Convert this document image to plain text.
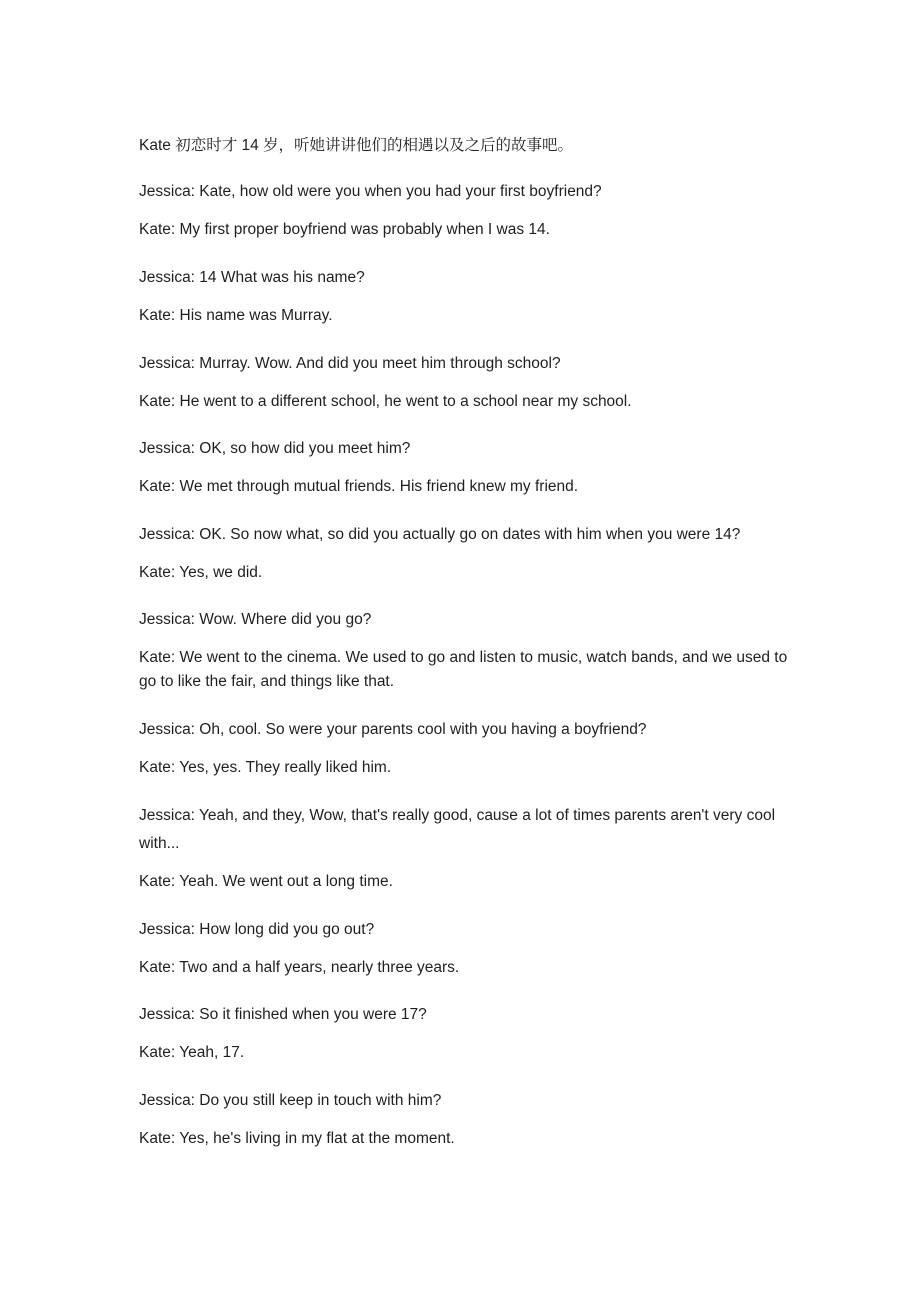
Kate 初恋时才 14 岁，听她讲讲他们的相遇以及之后的故事吧。
Jessica: Kate, how old were you when you had your first boyfriend?
Kate: My first proper boyfriend was probably when I was 14.
Jessica: 14 What was his name?
Kate: His name was Murray.
Jessica: Murray. Wow. And did you meet him through school?
Kate: He went to a different school, he went to a school near my school.
Jessica: OK, so how did you meet him?
Kate: We met through mutual friends. His friend knew my friend.
Jessica: OK. So now what, so did you actually go on dates with him when you were 14?
Kate: Yes, we did.
Jessica: Wow. Where did you go?
Kate: We went to the cinema. We used to go and listen to music, watch bands, and we used to go to like the fair, and things like that.
Jessica: Oh, cool. So were your parents cool with you having a boyfriend?
Kate: Yes, yes. They really liked him.
Jessica: Yeah, and they, Wow, that's really good, cause a lot of times parents aren't very cool with...
Kate: Yeah. We went out a long time.
Jessica: How long did you go out?
Kate: Two and a half years, nearly three years.
Jessica: So it finished when you were 17?
Kate: Yeah, 17.
Jessica: Do you still keep in touch with him?
Kate: Yes, he's living in my flat at the moment.
